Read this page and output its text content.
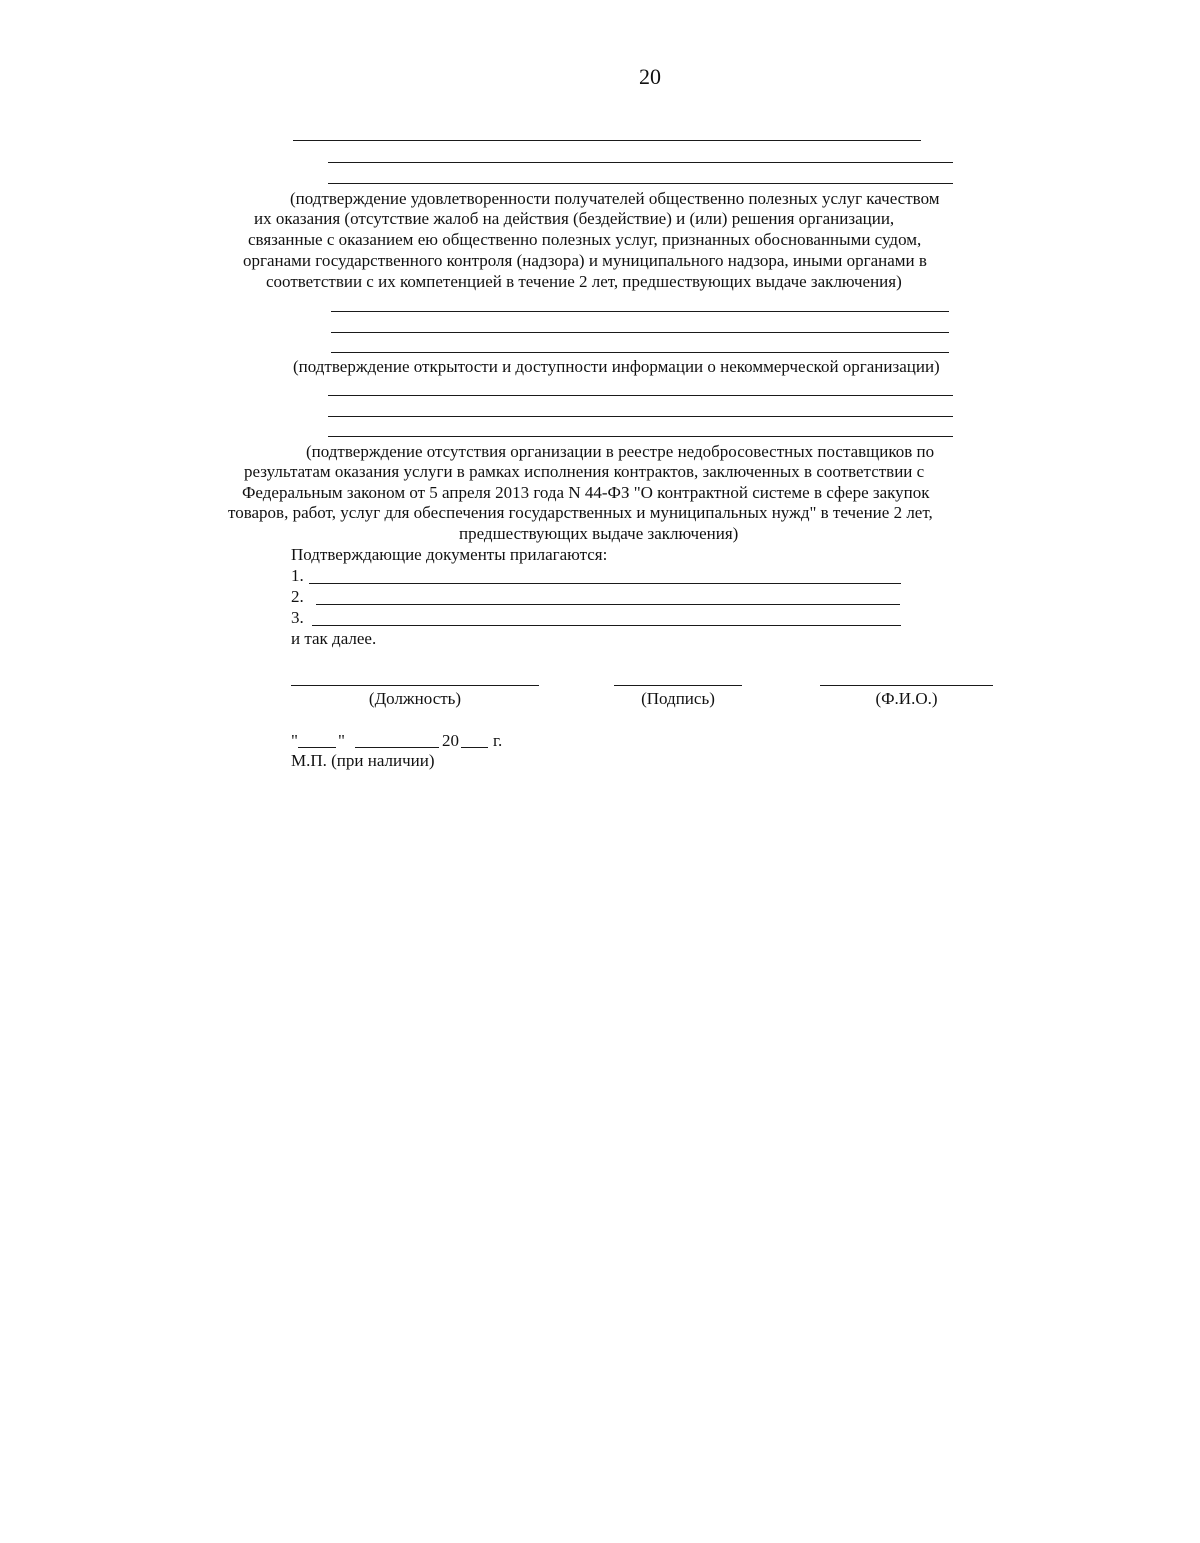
20
(подтверждение удовлетворенности получателей общественно полезных услуг качеством
их оказания (отсутствие жалоб на действия (бездействие) и (или) решения организации,
связанные с оказанием ею общественно полезных услуг, признанных обоснованными судом,
органами государственного контроля (надзора) и муниципального надзора, иными органами в
соответствии с их компетенцией в течение 2 лет, предшествующих выдаче заключения)
(подтверждение открытости и доступности информации о некоммерческой организации)
(подтверждение отсутствия организации в реестре недобросовестных поставщиков по
результатам оказания услуги в рамках исполнения контрактов, заключенных в соответствии с
Федеральным законом от 5 апреля 2013 года N 44-ФЗ "О контрактной системе в сфере закупок
товаров, работ, услуг для обеспечения государственных и муниципальных нужд" в течение 2 лет,
предшествующих выдаче заключения)
Подтверждающие документы прилагаются:
1.
2.
3.
и так далее.
(Должность)	(Подпись)	(Ф.И.О.)
" "	20 г.
М.П. (при наличии)
